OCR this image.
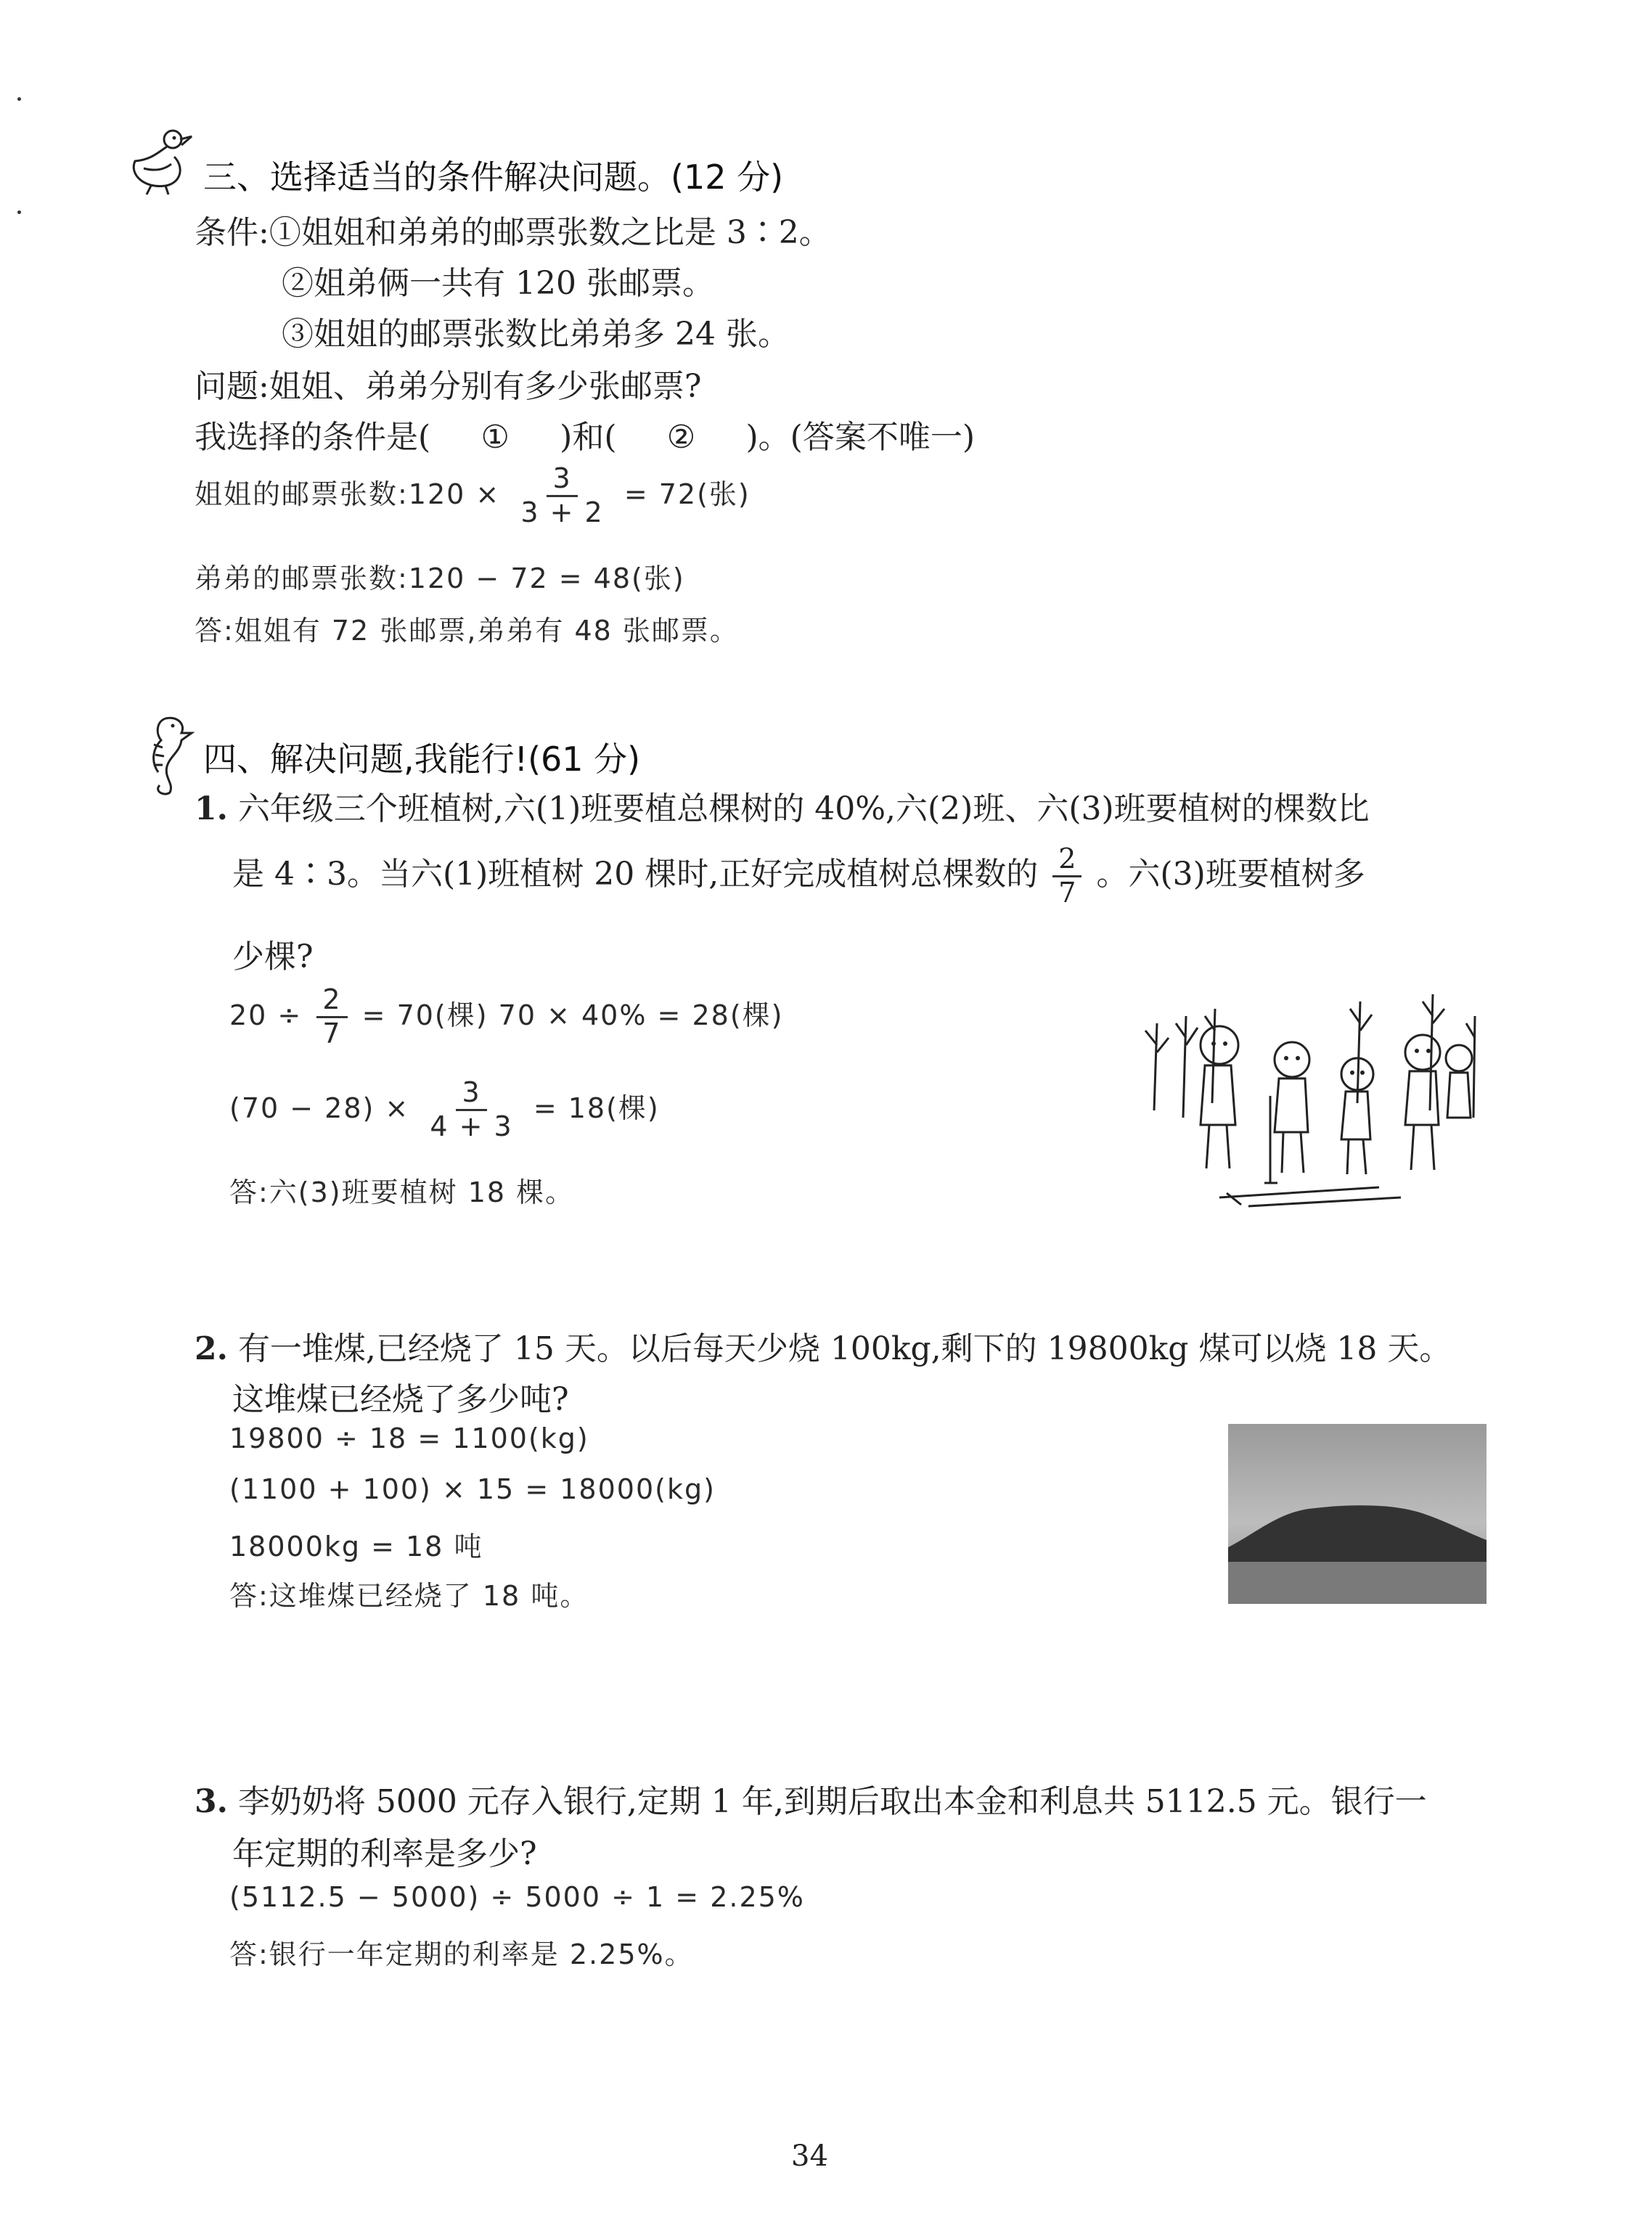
三、选择适当的条件解决问题。(12 分)
条件:①姐姐和弟弟的邮票张数之比是 3∶2。
②姐弟俩一共有 120 张邮票。
③姐姐的邮票张数比弟弟多 24 张。
问题:姐姐、弟弟分别有多少张邮票?
我选择的条件是( ① )和( ② )。(答案不唯一)
姐姐的邮票张数:120 × $\frac{3}{3 + 2} = 72$(张)
弟弟的邮票张数:120 − 72 = 48(张)
答:姐姐有 72 张邮票,弟弟有 48 张邮票。
四、解决问题,我能行!(61 分)
1. 六年级三个班植树,六(1)班要植总棵树的 40%,六(2)班、六(3)班要植树的棵数比
是 4∶3。当六(1)班植树 20 棵时,正好完成植树总棵数的 $\frac{2}{7}$ 。六(3)班要植树多
少棵?
$20 \div \frac{2}{7} = 70$(棵) 70 × 40% = 28(棵)
$(70 - 28) \times \frac{3}{4 + 3} = 18$(棵)
答:六(3)班要植树 18 棵。
2. 有一堆煤,已经烧了 15 天。以后每天少烧 100kg,剩下的 19800kg 煤可以烧 18 天。
这堆煤已经烧了多少吨?
19800 ÷ 18 = 1100(kg)
(1100 + 100) × 15 = 18000(kg)
18000kg = 18 吨
答:这堆煤已经烧了 18 吨。
3. 李奶奶将 5000 元存入银行,定期 1 年,到期后取出本金和利息共 5112.5 元。银行一
年定期的利率是多少?
(5112.5 − 5000) ÷ 5000 ÷ 1 = 2.25%
答:银行一年定期的利率是 2.25%。
34
